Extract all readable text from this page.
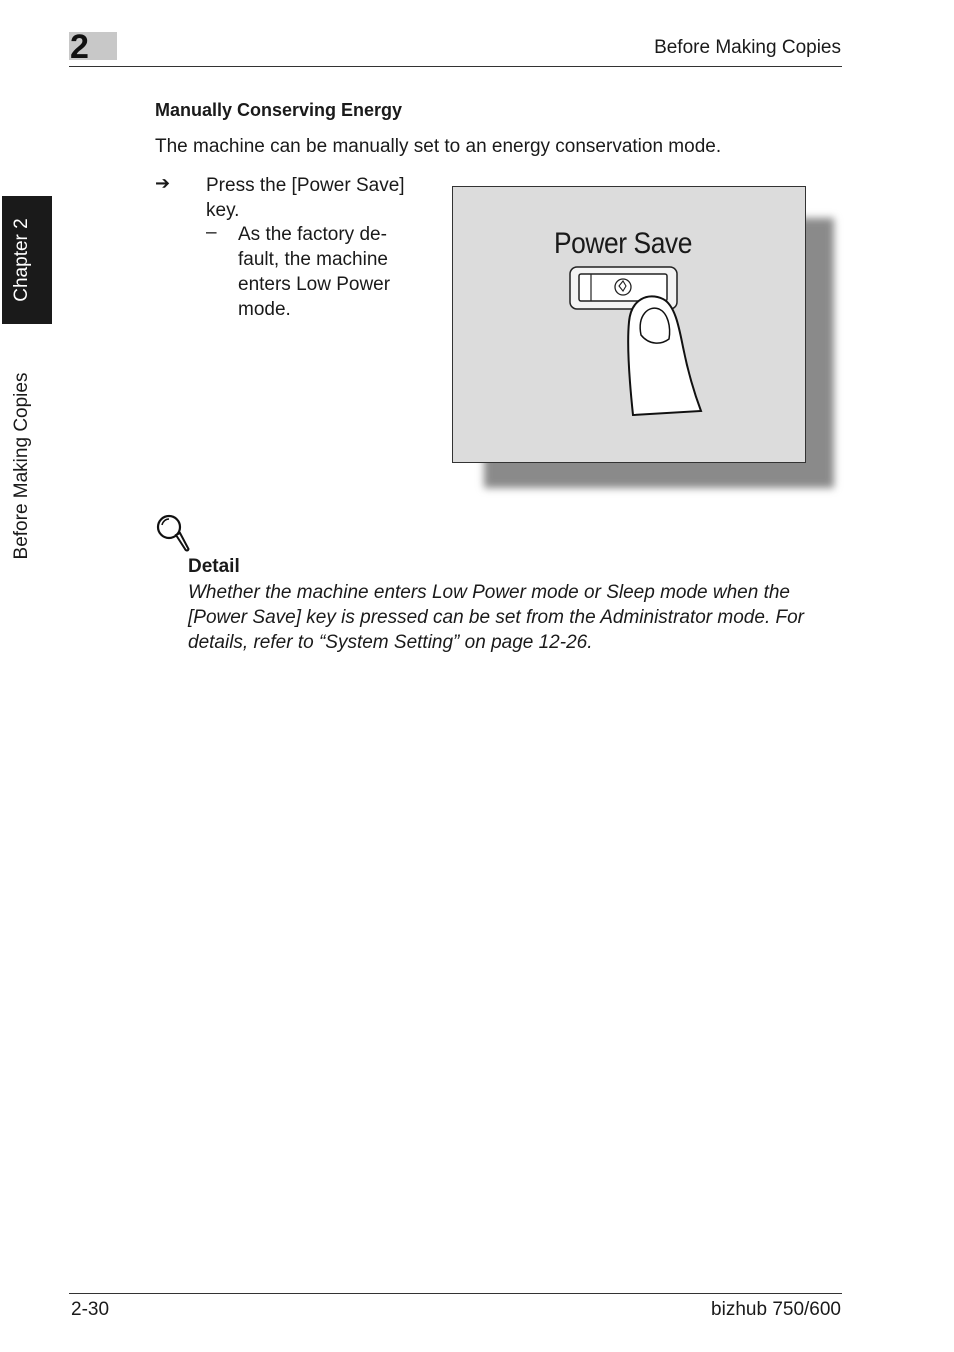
2	Before Making Copies
Chapter 2
Before Making Copies
Manually Conserving Energy
The machine can be manually set to an energy conservation mode.
➔ Press the [Power Save] key.
– As the factory de-fault, the machine enters Low Power mode.
Power Save
Detail
Whether the machine enters Low Power mode or Sleep mode when the [Power Save] key is pressed can be set from the Administrator mode. For details, refer to “System Setting” on page 12-26.
2-30	bizhub 750/600
